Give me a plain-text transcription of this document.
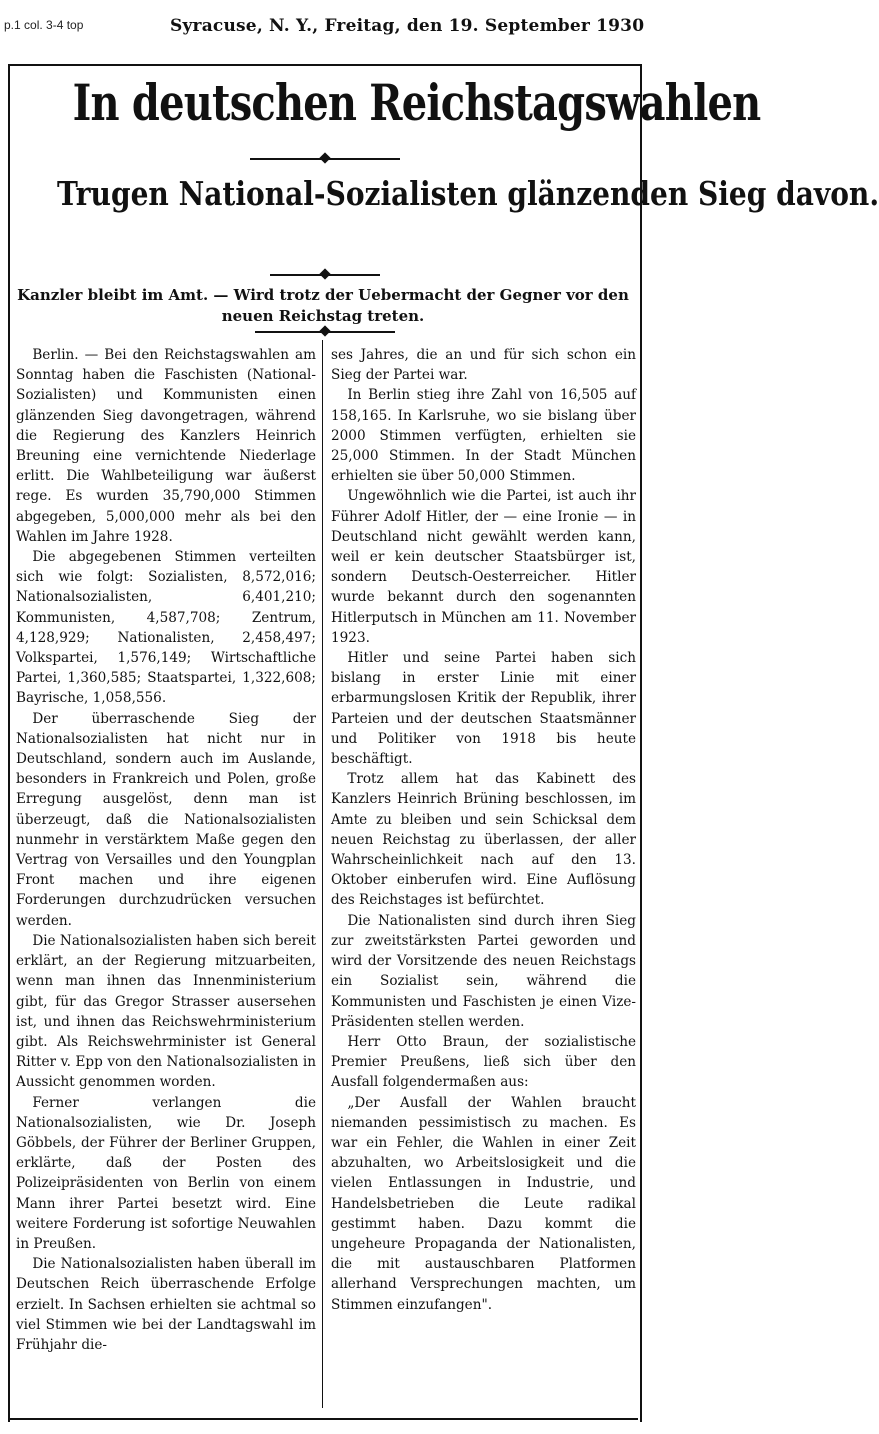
p.1 col. 3-4 top	Syracuse, N. Y., Freitag, den 19. September 1930
In deutschen Reichstagswahlen
Trugen National-Sozialisten glänzenden Sieg davon.
Kanzler bleibt im Amt. — Wird trotz der Uebermacht der Gegner vor den neuen Reichstag treten.

Berlin. — Bei den Reichstagswahlen am Sonntag haben die Faschisten (National-Sozialisten) und Kommunisten einen glänzenden Sieg davongetragen, während die Regierung des Kanzlers Heinrich Breuning eine vernichtende Niederlage erlitt. Die Wahlbeteiligung war äußerst rege. Es wurden 35,790,000 Stimmen abgegeben, 5,000,000 mehr als bei den Wahlen im Jahre 1928.

Die abgegebenen Stimmen verteilten sich wie folgt: Sozialisten, 8,572,016; Nationalsozialisten, 6,401,210; Kommunisten, 4,587,708; Zentrum, 4,128,929; Nationalisten, 2,458,497; Volkspartei, 1,576,149; Wirtschaftliche Partei, 1,360,585; Staatspartei, 1,322,608; Bayrische, 1,058,556.

Der überraschende Sieg der Nationalsozialisten hat nicht nur in Deutschland, sondern auch im Auslande, besonders in Frankreich und Polen, große Erregung ausgelöst, denn man ist überzeugt, daß die Nationalsozialisten nunmehr in verstärktem Maße gegen den Vertrag von Versailles und den Youngplan Front machen und ihre eigenen Forderungen durchzudrücken versuchen werden.

Die Nationalsozialisten haben sich bereit erklärt, an der Regierung mitzuarbeiten, wenn man ihnen das Innenministerium gibt, für das Gregor Strasser ausersehen ist, und ihnen das Reichswehrministerium gibt. Als Reichswehrminister ist General Ritter v. Epp von den Nationalsozialisten in Aussicht genommen worden.

Ferner verlangen die Nationalsozialisten, wie Dr. Joseph Göbbels, der Führer der Berliner Gruppen, erklärte, daß der Posten des Polizeipräsidenten von Berlin von einem Mann ihrer Partei besetzt wird. Eine weitere Forderung ist sofortige Neuwahlen in Preußen.

Die Nationalsozialisten haben überall im Deutschen Reich überraschende Erfolge erzielt. In Sachsen erhielten sie achtmal so viel Stimmen wie bei der Landtagswahl im Frühjahr die-

ses Jahres, die an und für sich schon ein Sieg der Partei war.

In Berlin stieg ihre Zahl von 16,505 auf 158,165. In Karlsruhe, wo sie bislang über 2000 Stimmen verfügten, erhielten sie 25,000 Stimmen. In der Stadt München erhielten sie über 50,000 Stimmen.

Ungewöhnlich wie die Partei, ist auch ihr Führer Adolf Hitler, der — eine Ironie — in Deutschland nicht gewählt werden kann, weil er kein deutscher Staatsbürger ist, sondern Deutsch-Oesterreicher. Hitler wurde bekannt durch den sogenannten Hitlerputsch in München am 11. November 1923.

Hitler und seine Partei haben sich bislang in erster Linie mit einer erbarmungslosen Kritik der Republik, ihrer Parteien und der deutschen Staatsmänner und Politiker von 1918 bis heute beschäftigt.

Trotz allem hat das Kabinett des Kanzlers Heinrich Brüning beschlossen, im Amte zu bleiben und sein Schicksal dem neuen Reichstag zu überlassen, der aller Wahrscheinlichkeit nach auf den 13. Oktober einberufen wird. Eine Auflösung des Reichstages ist befürchtet.

Die Nationalisten sind durch ihren Sieg zur zweitstärksten Partei geworden und wird der Vorsitzende des neuen Reichstags ein Sozialist sein, während die Kommunisten und Faschisten je einen Vize-Präsidenten stellen werden.

Herr Otto Braun, der sozialistische Premier Preußens, ließ sich über den Ausfall folgendermaßen aus:

„Der Ausfall der Wahlen braucht niemanden pessimistisch zu machen. Es war ein Fehler, die Wahlen in einer Zeit abzuhalten, wo Arbeitslosigkeit und die vielen Entlassungen in Industrie, und Handelsbetrieben die Leute radikal gestimmt haben. Dazu kommt die ungeheure Propaganda der Nationalisten, die mit austauschbaren Platformen allerhand Versprechungen machten, um Stimmen einzufangen".
